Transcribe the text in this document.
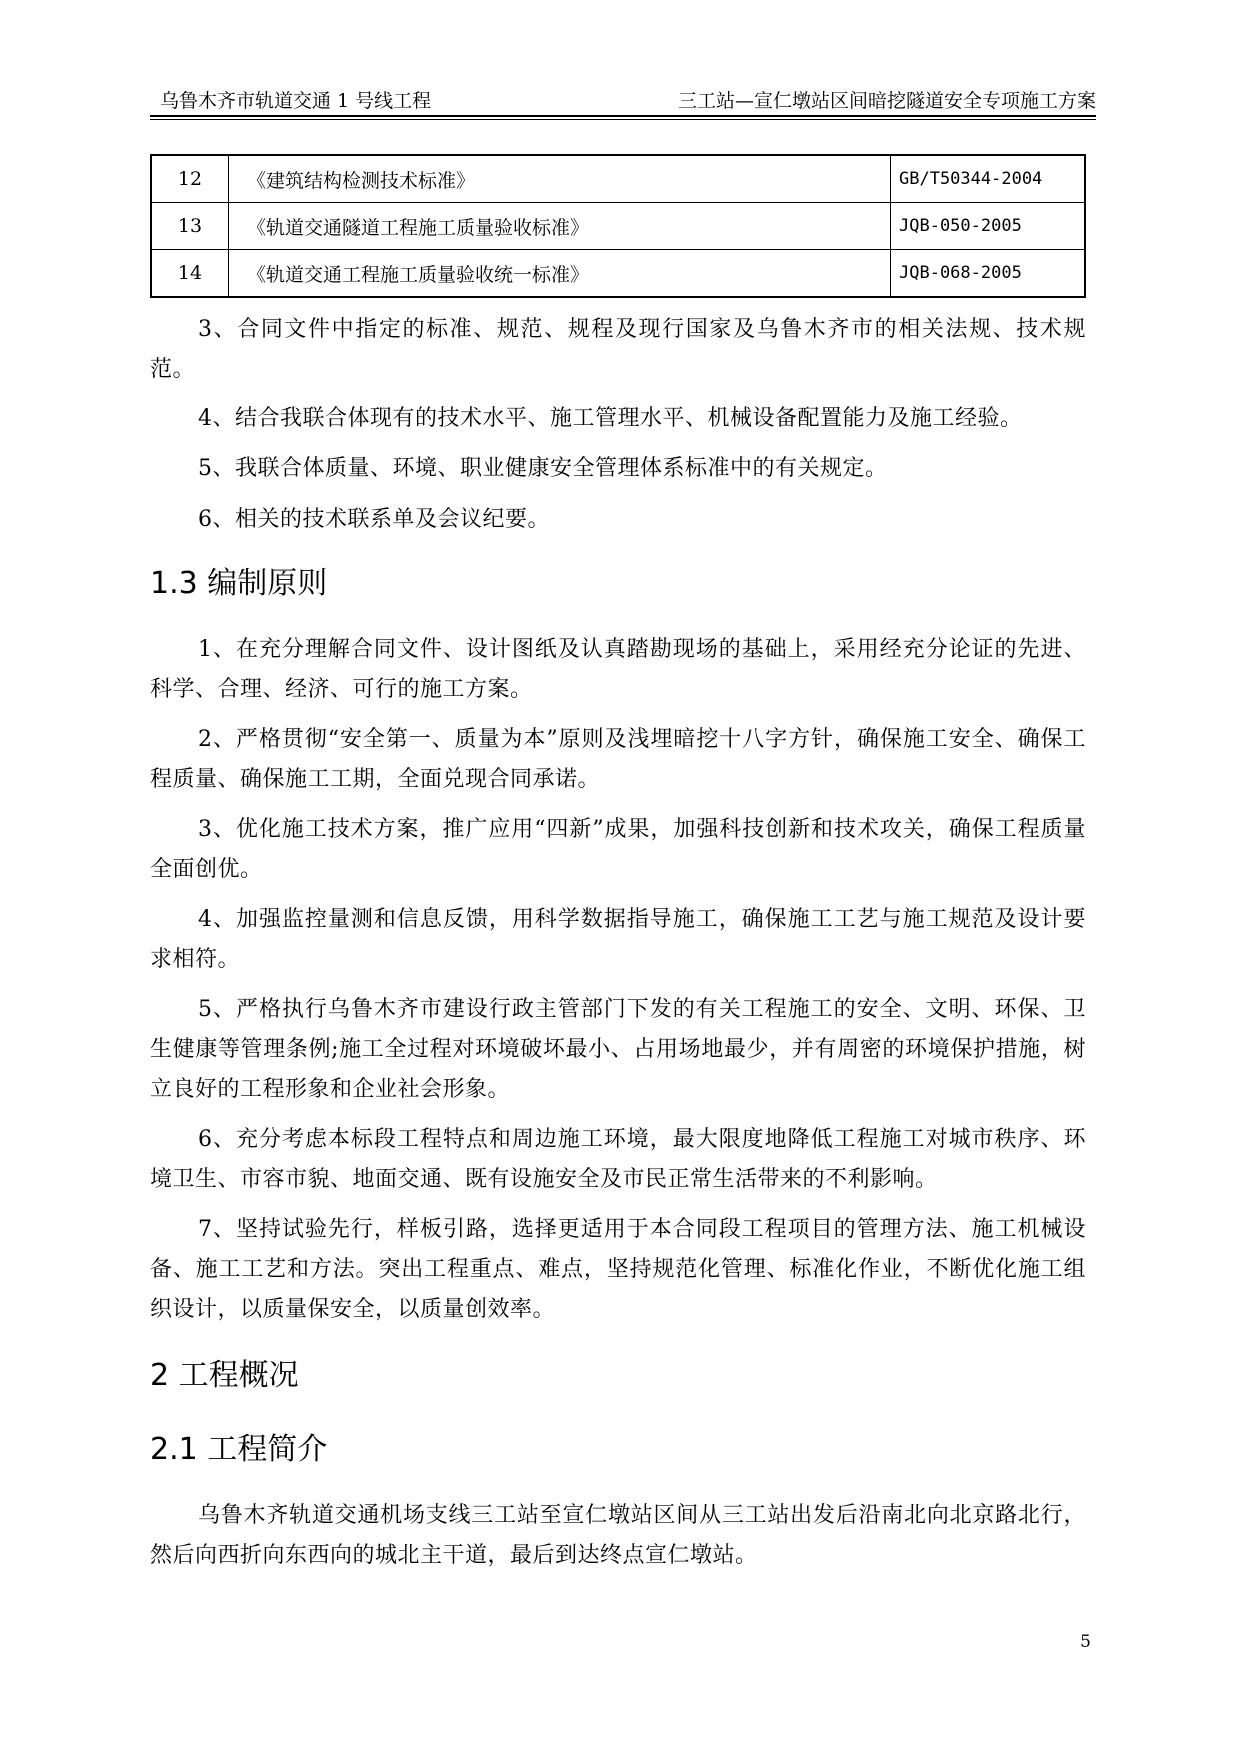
乌鲁木齐市轨道交通 1 号线工程	三工站—宣仁墩站区间暗挖隧道安全专项施工方案
12	《建筑结构检测技术标准》	GB/T50344-2004
13	《轨道交通隧道工程施工质量验收标准》	JQB-050-2005
14	《轨道交通工程施工质量验收统一标准》	JQB-068-2005

3、合同文件中指定的标准、规范、规程及现行国家及乌鲁木齐市的相关法规、技术规范。

4、结合我联合体现有的技术水平、施工管理水平、机械设备配置能力及施工经验。

5、我联合体质量、环境、职业健康安全管理体系标准中的有关规定。

6、相关的技术联系单及会议纪要。

1.3 编制原则

1、在充分理解合同文件、设计图纸及认真踏勘现场的基础上，采用经充分论证的先进、科学、合理、经济、可行的施工方案。

2、严格贯彻“安全第一、质量为本”原则及浅埋暗挖十八字方针，确保施工安全、确保工程质量、确保施工工期，全面兑现合同承诺。

3、优化施工技术方案，推广应用“四新”成果，加强科技创新和技术攻关，确保工程质量全面创优。

4、加强监控量测和信息反馈，用科学数据指导施工，确保施工工艺与施工规范及设计要求相符。

5、严格执行乌鲁木齐市建设行政主管部门下发的有关工程施工的安全、文明、环保、卫生健康等管理条例;施工全过程对环境破坏最小、占用场地最少，并有周密的环境保护措施，树立良好的工程形象和企业社会形象。

6、充分考虑本标段工程特点和周边施工环境，最大限度地降低工程施工对城市秩序、环境卫生、市容市貌、地面交通、既有设施安全及市民正常生活带来的不利影响。

7、坚持试验先行，样板引路，选择更适用于本合同段工程项目的管理方法、施工机械设备、施工工艺和方法。突出工程重点、难点，坚持规范化管理、标准化作业，不断优化施工组织设计，以质量保安全，以质量创效率。

2 工程概况
2.1 工程简介

乌鲁木齐轨道交通机场支线三工站至宣仁墩站区间从三工站出发后沿南北向北京路北行，然后向西折向东西向的城北主干道，最后到达终点宣仁墩站。

5
